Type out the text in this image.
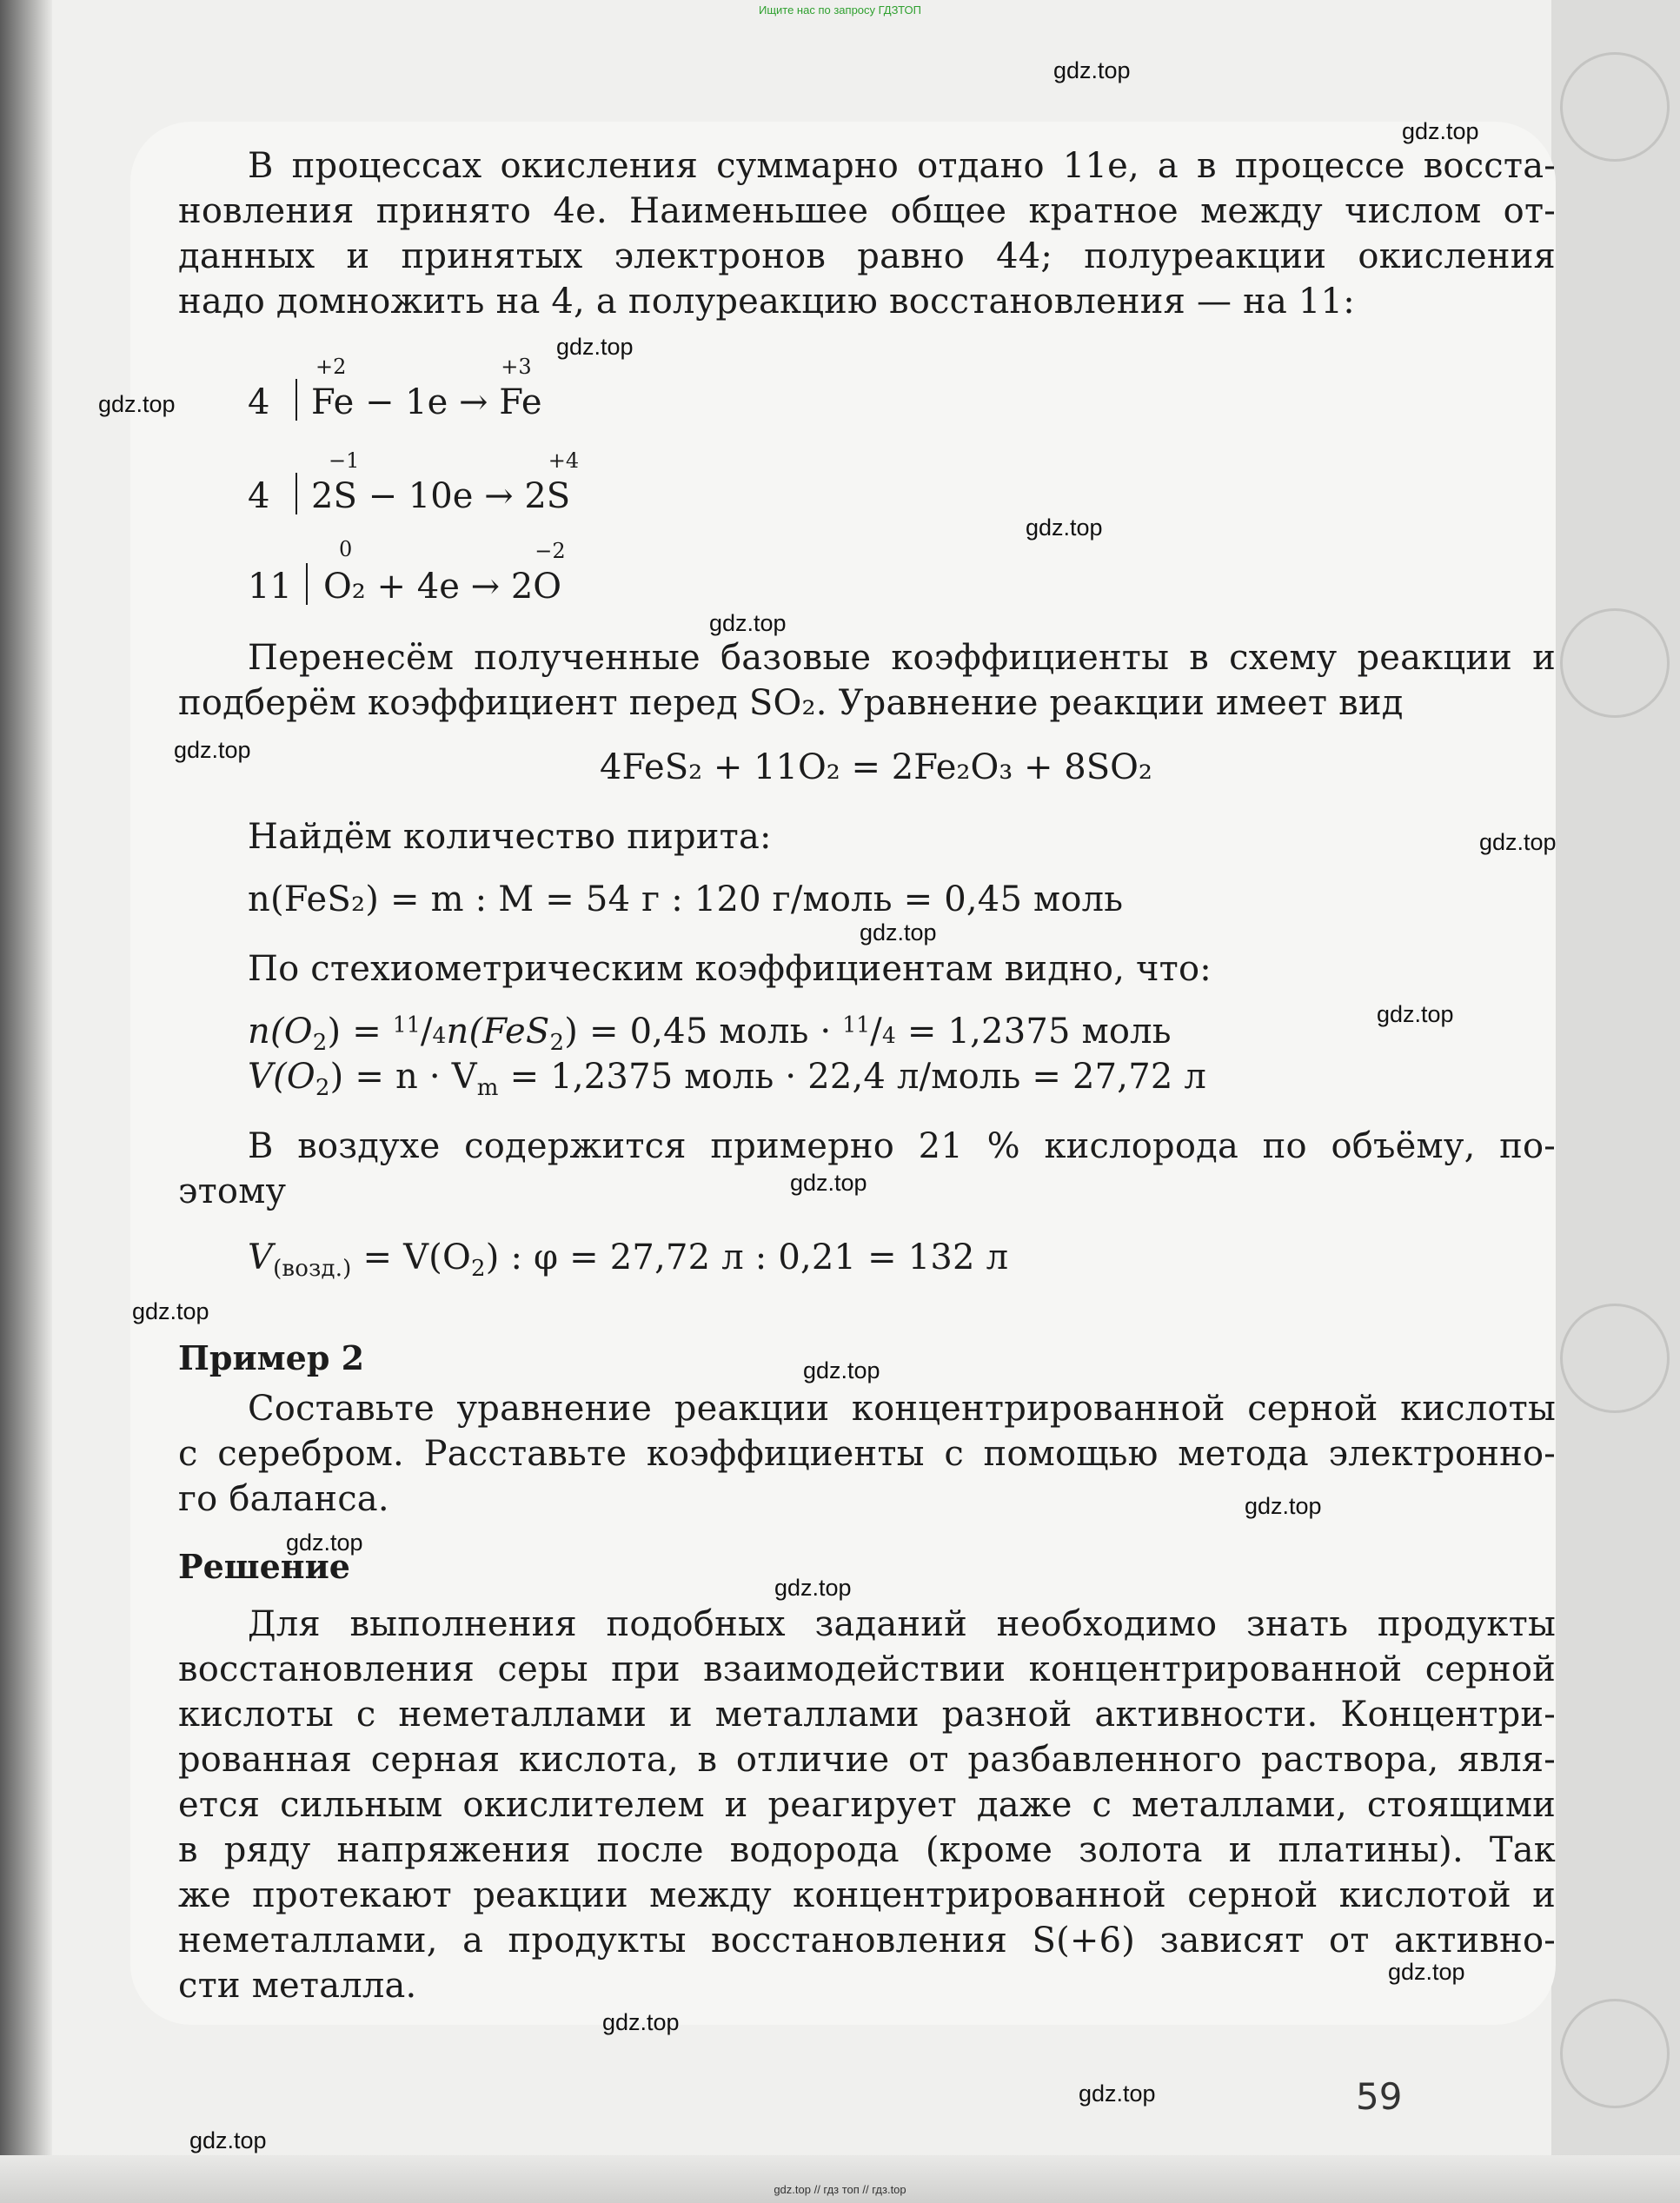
Ищите нас по запросу ГДЗТОП
gdz.top // гдз топ // гдз.top
В процессах окисления суммарно отдано 11e, а в процессе восста-
новления принято 4e. Наименьшее общее кратное между числом от-
данных и принятых электронов равно 44; полуреакции окисления
надо домножить на 4, а полуреакцию восстановления — на 11:
4
+2
Fe − 1e →
+3
Fe
4
−1
2S − 10e → 2
+4
S
11
0
O₂ + 4e → 2
−2
O
Перенесём полученные базовые коэффициенты в схему реакции и
подберём коэффициент перед SO₂. Уравнение реакции имеет вид
4FeS₂ + 11O₂ = 2Fe₂O₃ + 8SO₂
Найдём количество пирита:
n(FeS₂) = m : M = 54 г : 120 г/моль = 0,45 моль
По стехиометрическим коэффициентам видно, что:
$n(O_2) = ^{11}/4n(FeS_2) = 0,45$ моль · $^{11}$/4 = 1,2375 моль
$V(O_2) = n \cdot V_m = 1,2375$ моль · 22,4 л/моль = 27,72 л
В воздухе содержится примерно 21 % кислорода по объёму, по-
этому
$V_{(возд.)} = V(O_2)$ : φ = 27,72 л : 0,21 = 132 л
Пример 2
Составьте уравнение реакции концентрированной серной кислоты
с серебром. Расставьте коэффициенты с помощью метода электронно-
го баланса.
Решение
Для выполнения подобных заданий необходимо знать продукты
восстановления серы при взаимодействии концентрированной серной
кислоты с неметаллами и металлами разной активности. Концентри-
рованная серная кислота, в отличие от разбавленного раствора, явля-
ется сильным окислителем и реагирует даже с металлами, стоящими
в ряду напряжения после водорода (кроме золота и платины). Так
же протекают реакции между концентрированной серной кислотой и
неметаллами, а продукты восстановления S(+6) зависят от активно-
сти металла.
59
gdz.top
gdz.top
gdz.top
gdz.top
gdz.top
gdz.top
gdz.top
gdz.top
gdz.top
gdz.top
gdz.top
gdz.top
gdz.top
gdz.top
gdz.top
gdz.top
gdz.top
gdz.top
gdz.top
gdz.top
